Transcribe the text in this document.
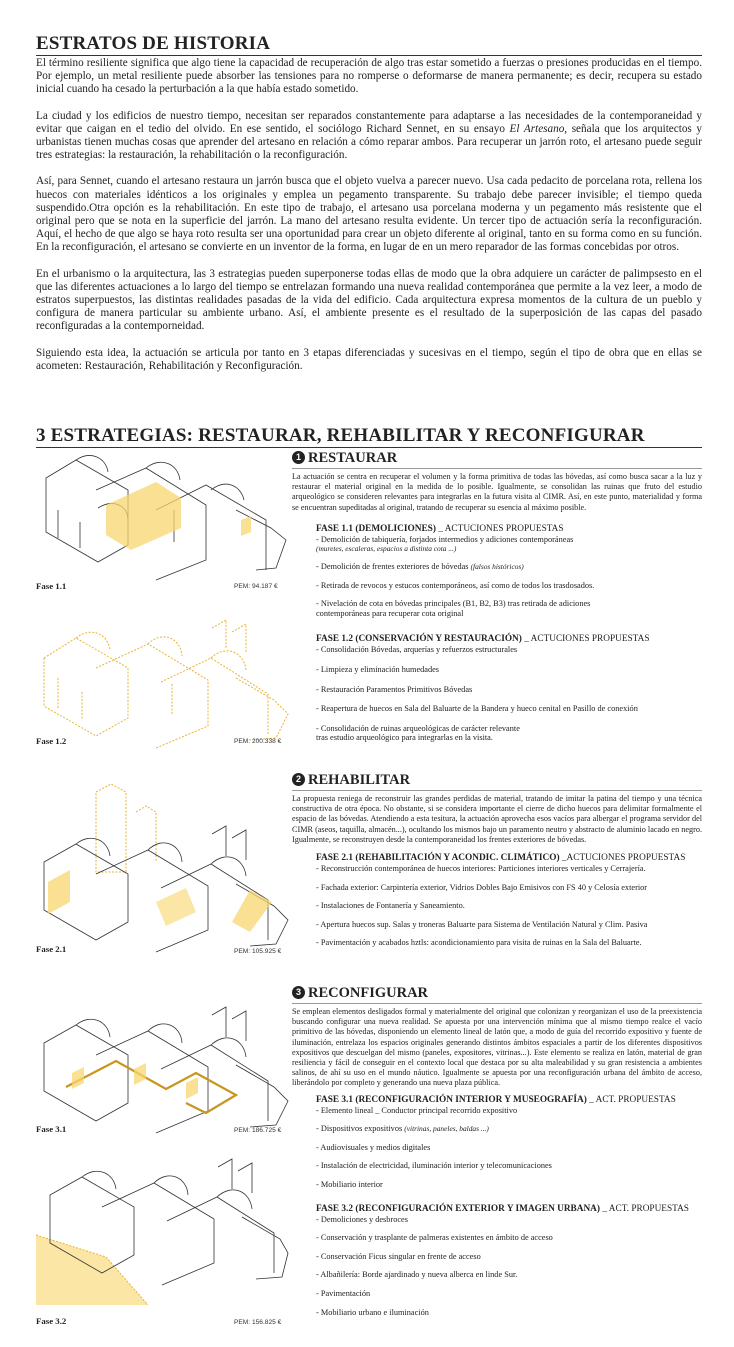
ESTRATOS DE HISTORIA

El término resiliente significa que algo tiene la capacidad de recuperación de algo tras estar sometido a fuerzas o presiones producidas en el tiempo. Por ejemplo, un metal resiliente puede absorber las tensiones para no romperse o deformarse de manera permanente; es decir, recupera su estado inicial cuando ha cesado la perturbación a la que había estado sometido.

La ciudad y los edificios de nuestro tiempo, necesitan ser reparados constantemente para adaptarse a las necesidades de la contemporaneidad y evitar que caigan en el tedio del olvido. En ese sentido, el sociólogo Richard Sennet, en su ensayo El Artesano, señala que los arquitectos y urbanistas tienen muchas cosas que aprender del artesano en relación a cómo reparar ambos. Para recuperar un jarrón roto, el artesano puede seguir tres estrategias: la restauración, la rehabilitación o la reconfiguración.

Así, para Sennet, cuando el artesano restaura un jarrón busca que el objeto vuelva a parecer nuevo. Usa cada pedacito de porcelana rota, rellena los huecos con materiales idénticos a los originales y emplea un pegamento transparente. Su trabajo debe parecer invisible; el tiempo queda suspendido.Otra opción es la rehabilitación. En este tipo de trabajo, el artesano usa porcelana moderna y un pegamento más resistente que el original pero que se nota en la superficie del jarrón. La mano del artesano resulta evidente. Un tercer tipo de actuación sería la reconfiguración. Aquí, el hecho de que algo se haya roto resulta ser una oportunidad para crear un objeto diferente al original, tanto en su forma como en su función. En la reconfiguración, el artesano se convierte en un inventor de la forma, en lugar de en un mero reparador de las formas concebidas por otros.

En el urbanismo o la arquitectura, las 3 estrategias pueden superponerse todas ellas de modo que la obra adquiere un carácter de palimpsesto en el que las diferentes actuaciones a lo largo del tiempo se entrelazan formando una nueva realidad contemporánea que permite a la vez leer, a modo de estratos superpuestos, las distintas realidades pasadas de la vida del edificio. Cada arquitectura expresa momentos de la cultura de un pueblo y configura de manera particular su ambiente urbano. Así, el ambiente presente es el resultado de la superposición de las capas del pasado reconfiguradas a la contemporneidad.

Siguiendo esta idea, la actuación se articula por tanto en 3 etapas diferenciadas y sucesivas en el tiempo, según el tipo de obra que en ellas se acometen: Restauración, Rehabilitación y Reconfiguración.

3 ESTRATEGIAS: RESTAURAR, REHABILITAR Y RECONFIGURAR
Fase 1.1	PEM: 94.187 €
Fase 1.2	PEM: 200.338 €
1 RESTAURAR

La actuación se centra en recuperar el volumen y la forma primitiva de todas las bóvedas, así como busca sacar a la luz y restaurar el material original en la medida de lo posible. Igualmente, se consolidan las ruinas que fruto del estudio arqueológico se consideren relevantes para integrarlas en la futura visita al CIMR. Así, en este punto, materialidad y forma se encuentran supeditadas al original, tratando de recuperar su esencia al máximo posible.

FASE 1.1 (DEMOLICIONES) _ ACTUCIONES PROPUESTAS
- Demolición de tabiquería, forjados intermedios y adiciones contemporáneas
(muretes, escaleras, espacios a distinta cota ...)
- Demolición de frentes exteriores de bóvedas (falsos históricos)
- Retirada de revocos y estucos contemporáneos, así como de todos los trasdosados.
- Nivelación de cota en bóvedas principales (B1, B2, B3) tras retirada de adiciones
contemporáneas para recuperar cota original
FASE 1.2 (CONSERVACIÓN Y RESTAURACIÓN) _ ACTUCIONES PROPUESTAS
- Consolidación Bóvedas, arquerías y refuerzos estructurales
- Limpieza y eliminación humedades
- Restauración Paramentos Primitivos Bóvedas
- Reapertura de huecos en Sala del Baluarte de la Bandera y hueco cenital en Pasillo de conexión
- Consolidación de ruinas arqueológicas de carácter relevante
tras estudio arqueológico para integrarlas en la visita.
Fase 2.1	PEM: 105.925 €
2 REHABILITAR

La propuesta reniega de reconstruir las grandes perdidas de material, tratando de imitar la patina del tiempo y una técnica constructiva de otra época. No obstante, si se considera importante el cierre de dicho huecos para delimitar formalmente el espacio de las bóvedas. Atendiendo a esta tesitura, la actuación aprovecha esos vacíos para albergar el programa servidor del CIMR (aseos, taquilla, almacén...), ocultando los mismos bajo un paramento neutro y abstracto de aluminio lacado en negro. Igualmente, se reconstruyen desde la contemporaneidad los frentes exteriores de bóvedas.

FASE 2.1 (REHABILITACIÓN Y ACONDIC. CLIMÁTICO) _ACTUCIONES PROPUESTAS
- Reconstrucción contemporánea de huecos interiores: Particiones interiores verticales y Cerrajería.
- Fachada exterior: Carpintería exterior, Vidrios Dobles Bajo Emisivos con FS 40 y Celosía exterior
- Instalaciones de Fontanería y Saneamiento.
- Apertura huecos sup. Salas y troneras Baluarte para Sistema de Ventilación Natural y Clim. Pasiva
- Pavimentación y acabados hztls: acondicionamiento para visita de ruinas en la Sala del Baluarte.
Fase 3.1	PEM: 186.725 €
Fase 3.2	PEM: 156.825 €
3 RECONFIGURAR

Se emplean elementos desligados formal y materialmente del original que colonizan y reorganizan el uso de la preexistencia buscando configurar una nueva realidad. Se apuesta por una intervención mínima que al mismo tiempo realce el vacío primitivo de las bóvedas, disponiendo un elemento lineal de latón que, a modo de guía del recorrido expositivo y fuente de iluminación, entrelaza los espacios originales generando distintos ámbitos espaciales a partir de los diferentes dispositivos expositivos que descuelgan del mismo (paneles, expositores, vitrinas...). Este elemento se realiza en latón, material de gran resiliencia y fácil de conseguir en el contexto local que destaca por su alta maleabilidad y su gran resistencia a ambientes salinos, de ahí su uso en el mundo náutico. Igualmente se apuesta por una reconfiguración urbana del ámbito de acceso, liberándolo por completo y generando una nueva plaza pública.

FASE 3.1 (RECONFIGURACIÓN INTERIOR Y MUSEOGRAFÍA) _ ACT. PROPUESTAS
- Elemento lineal _ Conductor principal recorrido expositivo
- Dispositivos expositivos (vitrinas, paneles, baldas ...)
- Audiovisuales y medios digitales
- Instalación de electricidad, iluminación interior y telecomunicaciones
- Mobiliario interior
FASE 3.2 (RECONFIGURACIÓN EXTERIOR Y IMAGEN URBANA) _ ACT. PROPUESTAS
- Demoliciones y desbroces
- Conservación y trasplante de palmeras existentes en ámbito de acceso
- Conservación Ficus singular en frente de acceso
- Albañilería: Borde ajardinado y nueva alberca en linde Sur.
- Pavimentación
- Mobiliario urbano e iluminación
